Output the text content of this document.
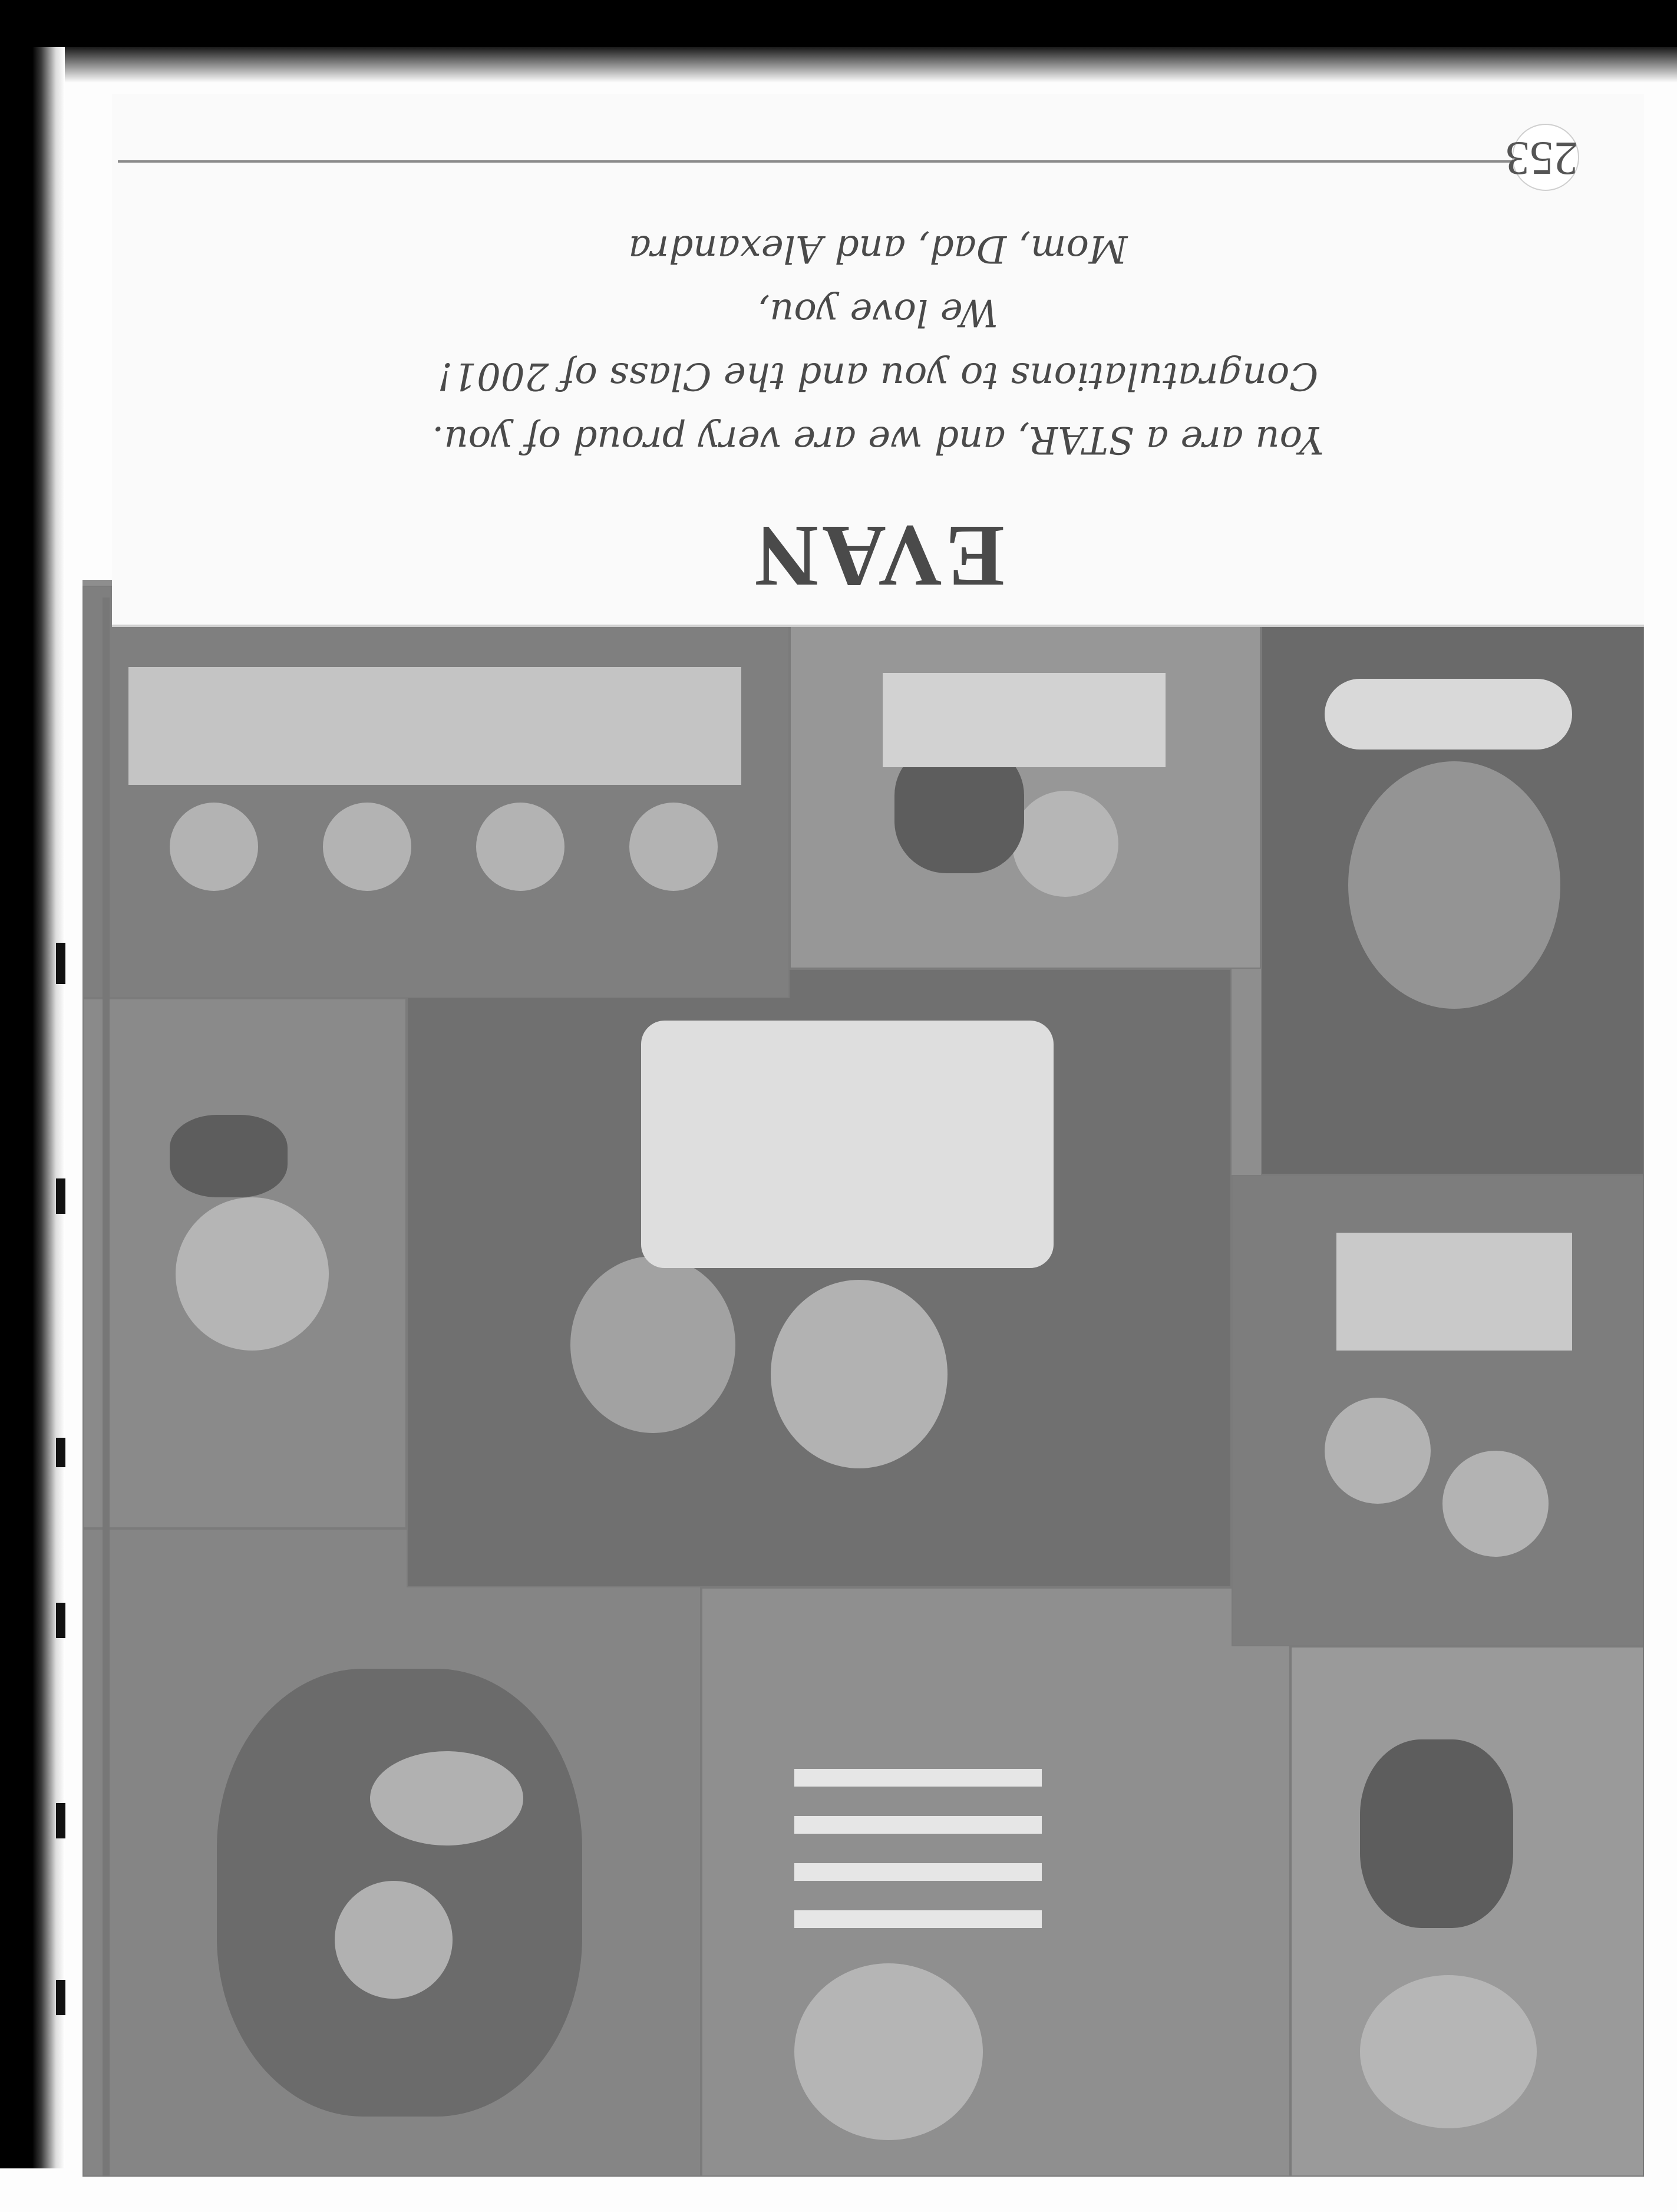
EVAN
You are a STAR, and we are very proud of you.
Congratulations to you and the Class of 2001!
We love you,
Mom, Dad, and Alexandra
253
